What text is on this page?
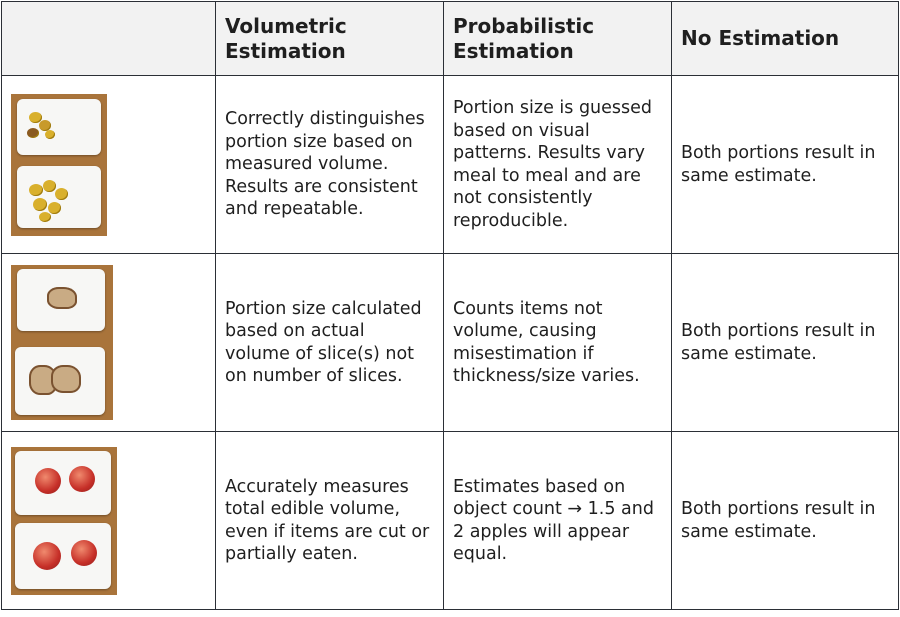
	Volumetric Estimation	Probabilistic Estimation	No Estimation

	Correctly distinguishes portion size based on measured volume. Results are consistent and repeatable.	Portion size is guessed based on visual patterns. Results vary meal to meal and are not consistently reproducible.	Both portions result in same estimate.

	Portion size calculated based on actual volume of slice(s) not on number of slices.	Counts items not volume, causing misestimation if thickness/size varies.	Both portions result in same estimate.

	Accurately measures total edible volume, even if items are cut or partially eaten.	Estimates based on object count → 1.5 and 2 apples will appear equal.	Both portions result in same estimate.
